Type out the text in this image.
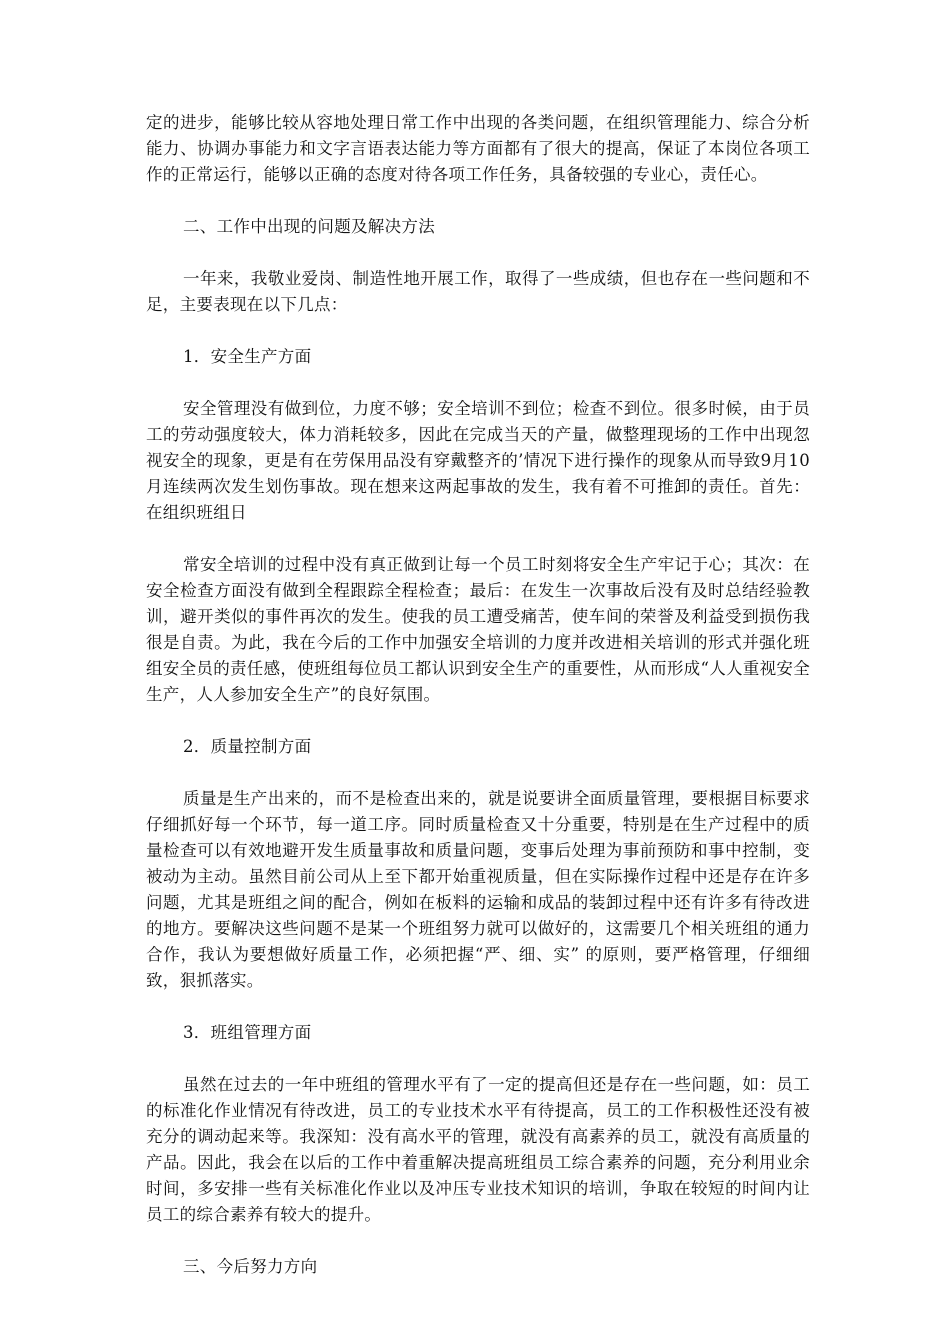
定的进步，能够比较从容地处理日常工作中出现的各类问题，在组织管理能力、综合分析能力、协调办事能力和文字言语表达能力等方面都有了很大的提高，保证了本岗位各项工作的正常运行，能够以正确的态度对待各项工作任务，具备较强的专业心，责任心。

二、工作中出现的问题及解决方法

一年来，我敬业爱岗、制造性地开展工作，取得了一些成绩，但也存在一些问题和不足，主要表现在以下几点：

1．安全生产方面

安全管理没有做到位，力度不够；安全培训不到位；检查不到位。很多时候，由于员工的劳动强度较大，体力消耗较多，因此在完成当天的产量，做整理现场的工作中出现忽视安全的现象，更是有在劳保用品没有穿戴整齐的’情况下进行操作的现象从而导致9月10月连续两次发生划伤事故。现在想来这两起事故的发生，我有着不可推卸的责任。首先：在组织班组日

常安全培训的过程中没有真正做到让每一个员工时刻将安全生产牢记于心；其次：在安全检查方面没有做到全程跟踪全程检查；最后：在发生一次事故后没有及时总结经验教训，避开类似的事件再次的发生。使我的员工遭受痛苦，使车间的荣誉及利益受到损伤我很是自责。为此，我在今后的工作中加强安全培训的力度并改进相关培训的形式并强化班组安全员的责任感，使班组每位员工都认识到安全生产的重要性，从而形成“人人重视安全生产，人人参加安全生产”的良好氛围。

2．质量控制方面

质量是生产出来的，而不是检查出来的，就是说要讲全面质量管理，要根据目标要求仔细抓好每一个环节，每一道工序。同时质量检查又十分重要，特别是在生产过程中的质量检查可以有效地避开发生质量事故和质量问题，变事后处理为事前预防和事中控制，变被动为主动。虽然目前公司从上至下都开始重视质量，但在实际操作过程中还是存在许多问题，尤其是班组之间的配合，例如在板料的运输和成品的装卸过程中还有许多有待改进的地方。要解决这些问题不是某一个班组努力就可以做好的，这需要几个相关班组的通力合作，我认为要想做好质量工作，必须把握“严、细、实” 的原则，要严格管理，仔细细致，狠抓落实。

3．班组管理方面

虽然在过去的一年中班组的管理水平有了一定的提高但还是存在一些问题，如：员工的标准化作业情况有待改进，员工的专业技术水平有待提高，员工的工作积极性还没有被充分的调动起来等。我深知：没有高水平的管理，就没有高素养的员工，就没有高质量的产品。因此，我会在以后的工作中着重解决提高班组员工综合素养的问题，充分利用业余时间，多安排一些有关标准化作业以及冲压专业技术知识的培训，争取在较短的时间内让员工的综合素养有较大的提升。

三、今后努力方向
